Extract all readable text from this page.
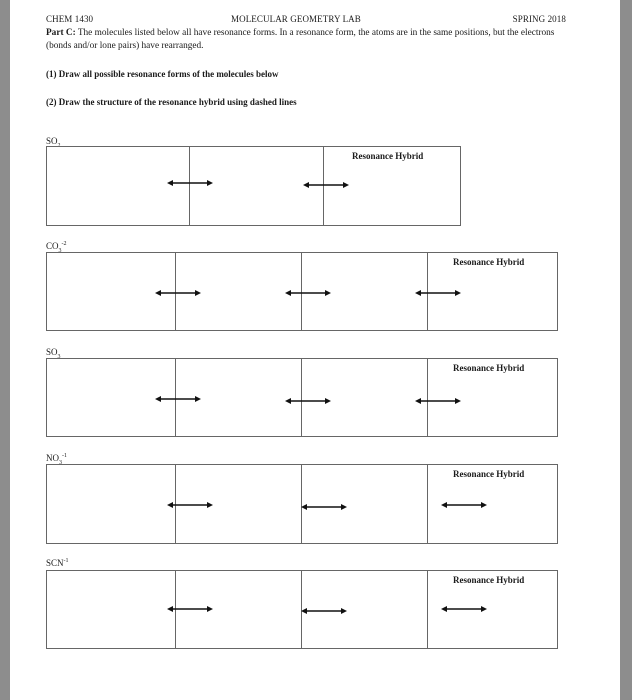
CHEM 1430	MOLECULAR GEOMETRY LAB	SPRING 2018
Part C: The molecules listed below all have resonance forms. In a resonance form, the atoms are in the same positions, but the electrons (bonds and/or lone pairs) have rearranged.
(1) Draw all possible resonance forms of the molecules below
(2) Draw the structure of the resonance hybrid using dashed lines
$SO_2$
Resonance Hybrid
$CO_3^{-2}$
Resonance Hybrid
$SO_3$
Resonance Hybrid
$NO_3^{-1}$
Resonance Hybrid
$SCN^{-1}$
Resonance Hybrid
